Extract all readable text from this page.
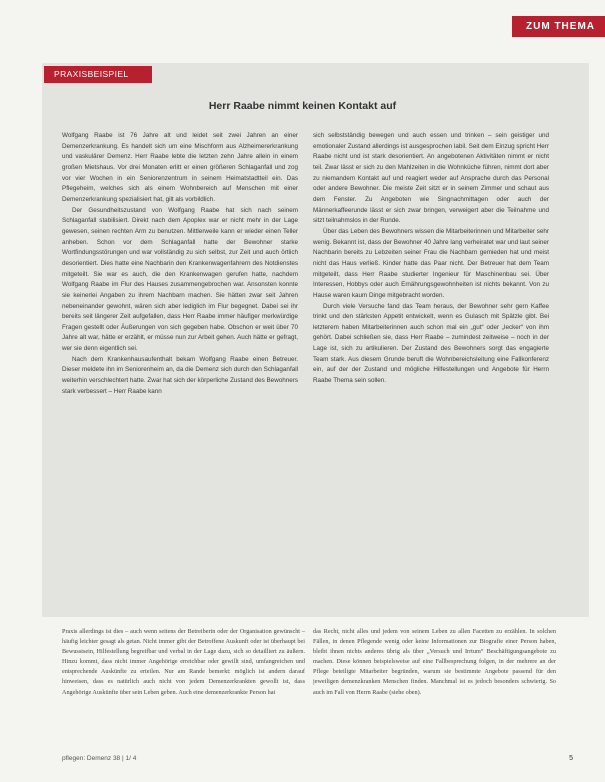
ZUM THEMA
PRAXISBEISPIEL
Herr Raabe nimmt keinen Kontakt auf

Wolfgang Raabe ist 76 Jahre alt und leidet seit zwei Jahren an einer Demenzerkrankung. Es handelt sich um eine Mischform aus Alzheimererkrankung und vaskulärer Demenz. Herr Raabe lebte die letzten zehn Jahre allein in einem großen Mietshaus. Vor drei Monaten erlitt er einen größeren Schlaganfall und zog vor vier Wochen in ein Seniorenzentrum in seinem Heimatstadtteil ein. Das Pflegeheim, welches sich als einem Wohnbereich auf Menschen mit einer Demenzerkrankung spezialisiert hat, gilt als vorbildlich.

Der Gesundheitszustand von Wolfgang Raabe hat sich nach seinem Schlaganfall stabilisiert. Direkt nach dem Apoplex war er nicht mehr in der Lage gewesen, seinen rechten Arm zu benutzen. Mittlerweile kann er wieder einen Teller anheben. Schon vor dem Schlaganfall hatte der Bewohner starke Wortfindungsstörungen und war vollständig zu sich selbst, zur Zeit und auch örtlich desorientiert. Dies hatte eine Nachbarin den Krankenwagenfahrern des Notdienstes mitgeteilt. Sie war es auch, die den Krankenwagen gerufen hatte, nachdem Wolfgang Raabe im Flur des Hauses zusammengebrochen war. Ansonsten konnte sie keinerlei Angaben zu ihrem Nachbarn machen. Sie hätten zwar seit Jahren nebeneinander gewohnt, wären sich aber lediglich im Flur begegnet. Dabei sei ihr bereits seit längerer Zeit aufgefallen, dass Herr Raabe immer häufiger merkwürdige Fragen gestellt oder Äußerungen von sich gegeben habe. Obschon er weit über 70 Jahre alt war, hätte er erzählt, er müsse nun zur Arbeit gehen. Auch hätte er gefragt, wer sie denn eigentlich sei.

Nach dem Krankenhausaufenthalt bekam Wolfgang Raabe einen Betreuer. Dieser meldete ihn im Seniorenheim an, da die Demenz sich durch den Schlaganfall weiterhin verschlechtert hatte. Zwar hat sich der körperliche Zustand des Bewohners stark verbessert – Herr Raabe kann

sich selbstständig bewegen und auch essen und trinken – sein geistiger und emotionaler Zustand allerdings ist ausgesprochen labil. Seit dem Einzug spricht Herr Raabe nicht und ist stark desorientiert. An angebotenen Aktivitäten nimmt er nicht teil. Zwar lässt er sich zu den Mahlzeiten in die Wohnküche führen, nimmt dort aber zu niemandem Kontakt auf und reagiert weder auf Ansprache durch das Personal oder andere Bewohner. Die meiste Zeit sitzt er in seinem Zimmer und schaut aus dem Fenster. Zu Angeboten wie Singnachmittagen oder auch der Männerkaffeerunde lässt er sich zwar bringen, verweigert aber die Teilnahme und sitzt teilnahmslos in der Runde.

Über das Leben des Bewohners wissen die Mitarbeiterinnen und Mitarbeiter sehr wenig. Bekannt ist, dass der Bewohner 40 Jahre lang verheiratet war und laut seiner Nachbarin bereits zu Lebzeiten seiner Frau die Nachbarn gemieden hat und meist nicht das Haus verließ. Kinder hatte das Paar nicht. Der Betreuer hat dem Team mitgeteilt, dass Herr Raabe studierter Ingenieur für Maschinenbau sei. Über Interessen, Hobbys oder auch Ernährungsgewohnheiten ist nichts bekannt. Von zu Hause waren kaum Dinge mitgebracht worden.

Durch viele Versuche fand das Team heraus, der Bewohner sehr gern Kaffee trinkt und den stärksten Appetit entwickelt, wenn es Gulasch mit Spätzle gibt. Bei letzterem haben Mitarbeiterinnen auch schon mal ein „gut“ oder „lecker“ von ihm gehört. Dabei schließen sie, dass Herr Raabe – zumindest zeitweise – noch in der Lage ist, sich zu artikulieren. Der Zustand des Bewohners sorgt das engagierte Team stark. Aus diesem Grunde beruft die Wohnbereichsleitung eine Fallkonferenz ein, auf der der Zustand und mögliche Hilfestellungen und Angebote für Herrn Raabe Thema sein sollen.

Praxis allerdings ist dies – auch wenn seitens der Betreiberin oder der Organisation gewünscht – häufig leichter gesagt als getan. Nicht immer gibt der Betroffene Auskunft oder ist überhaupt bei Bewusstsein, Hilfestellung begreifbar und verbal in der Lage dazu, sich so detailliert zu äußern. Hinzu kommt, dass nicht immer Angehörige erreichbar oder gewillt sind, umfangreichen und entsprechende Auskünfte zu erteilen. Nur am Rande bemerkt: möglich ist andern darauf hinweisen, dass es natürlich auch nicht von jedem Demenzerkrankten gewollt ist, dass Angehörige Auskünfte über sein Leben geben. Auch eine demenzerkrankte Person hat

das Recht, nicht alles und jedem von seinem Leben zu allen Facetten zu erzählen. In solchen Fällen, in denen Pflegende wenig oder keine Informationen zur Biografie einer Person haben, bleibt ihnen nichts anderes übrig als über „Versuch und Irrtum“ Beschäftigungsangebote zu machen. Diese können beispielsweise auf eine Fallbesprechung folgen, in der mehrere an der Pflege beteiligte Mitarbeiter begründen, warum sie bestimmte Angebote passend für den jeweiligen demenzkranken Menschen finden. Manchmal ist es jedoch besonders schwierig. So auch im Fall von Herrn Raabe (siehe oben).

pflegen: Demenz 38 | 1/ 4	5
